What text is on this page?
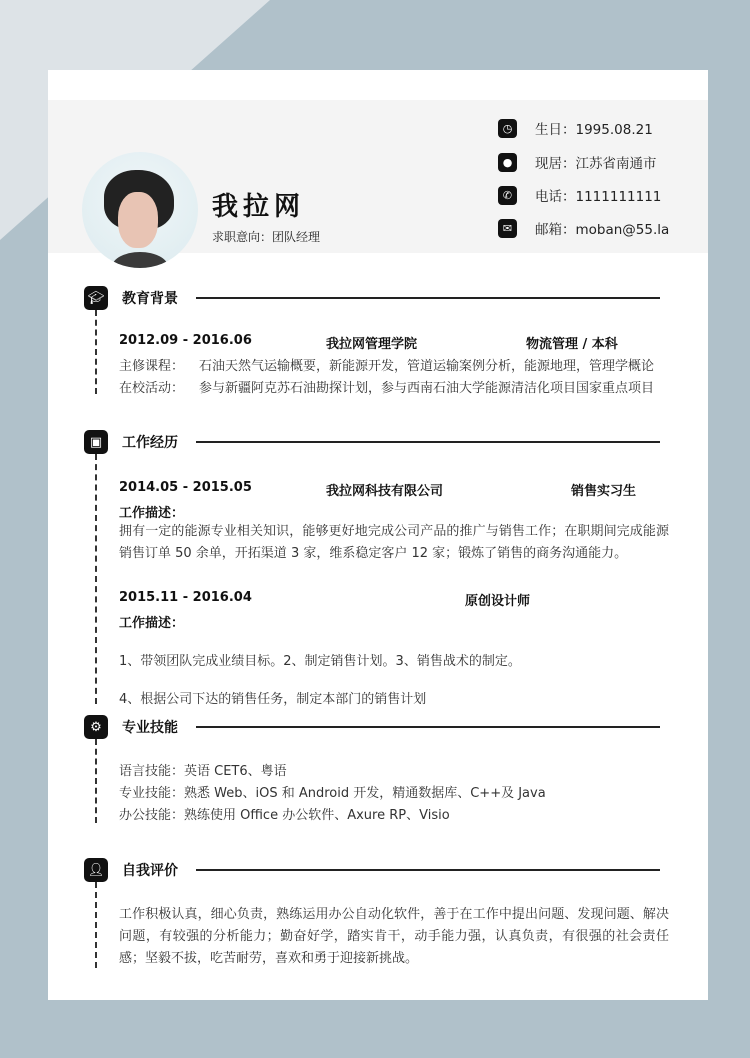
我拉网
求职意向：团队经理
◷	生日：1995.08.21
●	现居：江苏省南通市
✆	电话：1111111111
✉	邮箱：moban@55.la
🎓︎ 教育背景
2012.09 - 2016.06	我拉网管理学院	物流管理 / 本科
主修课程： 石油天然气运输概要，新能源开发，管道运输案例分析，能源地理，管理学概论
在校活动： 参与新疆阿克苏石油勘探计划，参与西南石油大学能源清洁化项目国家重点项目
▣	工作经历
2014.05 - 2015.05	我拉网科技有限公司	销售实习生
工作描述：
拥有一定的能源专业相关知识，能够更好地完成公司产品的推广与销售工作；在职期间完成能源销售订单 50 余单，开拓渠道 3 家，维系稳定客户 12 家；锻炼了销售的商务沟通能力。
2015.11 - 2016.04	原创设计师
工作描述：
1、带领团队完成业绩目标。2、制定销售计划。3、销售战术的制定。
4、根据公司下达的销售任务，制定本部门的销售计划
⚙	专业技能
语言技能：英语 CET6、粤语
专业技能：熟悉 Web、iOS 和 Android 开发，精通数据库、C++及 Java
办公技能：熟练使用 Office 办公软件、Axure RP、Visio
👤︎ 自我评价
工作积极认真，细心负责，熟练运用办公自动化软件，善于在工作中提出问题、发现问题、解决问题，有较强的分析能力；勤奋好学，踏实肯干，动手能力强，认真负责，有很强的社会责任感；坚毅不拔，吃苦耐劳，喜欢和勇于迎接新挑战。
